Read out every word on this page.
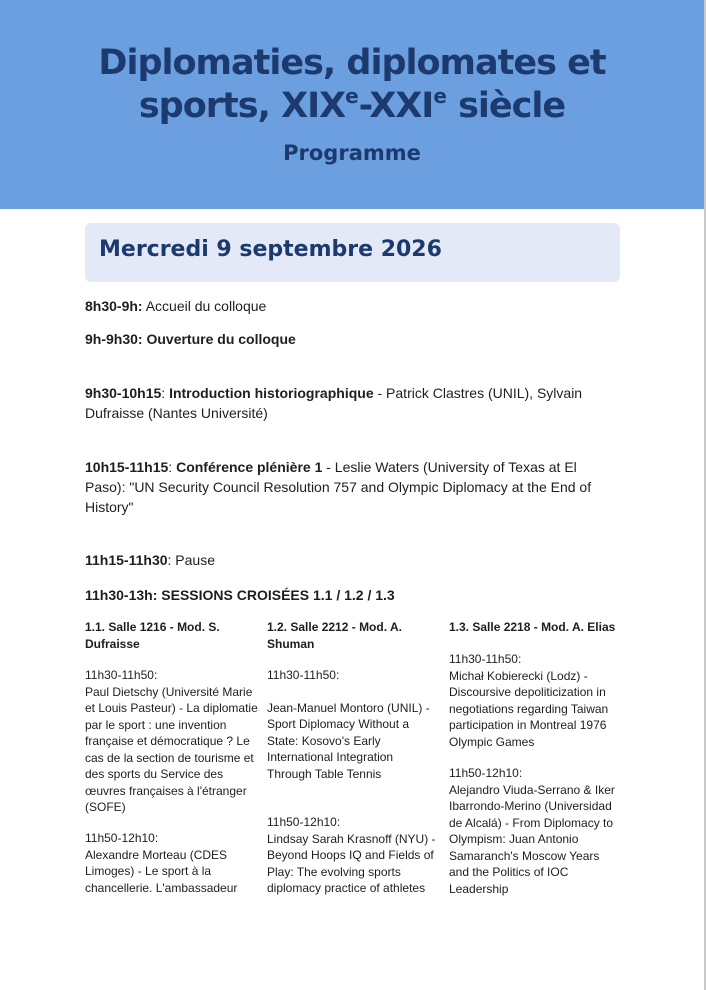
Diplomaties, diplomates et
sports, XIXe-XXIe siècle
Programme
Mercredi 9 septembre 2026
8h30-9h: Accueil du colloque
9h-9h30: Ouverture du colloque
9h30-10h15: Introduction historiographique - Patrick Clastres (UNIL), Sylvain Dufraisse (Nantes Université)
10h15-11h15: Conférence plénière 1 - Leslie Waters (University of Texas at El Paso): "UN Security Council Resolution 757 and Olympic Diplomacy at the End of History"
11h15-11h30: Pause
11h30-13h: SESSIONS CROISÉES 1.1 / 1.2 / 1.3
1.1. Salle 1216 - Mod. S. Dufraisse
11h30-11h50:
Paul Dietschy (Université Marie et Louis Pasteur) - La diplomatie par le sport : une invention française et démocratique ? Le cas de la section de tourisme et des sports du Service des œuvres françaises à l'étranger (SOFE)
11h50-12h10:
Alexandre Morteau (CDES Limoges) - Le sport à la chancellerie. L'ambassadeur
1.2. Salle 2212 - Mod. A. Shuman
11h30-11h50:
Jean-Manuel Montoro (UNIL) - Sport Diplomacy Without a State: Kosovo's Early International Integration Through Table Tennis
11h50-12h10:
Lindsay Sarah Krasnoff (NYU) - Beyond Hoops IQ and Fields of Play: The evolving sports diplomacy practice of athletes
1.3. Salle 2218 - Mod. A. Elias
11h30-11h50:
Michał Kobierecki (Lodz) - Discoursive depoliticization in negotiations regarding Taiwan participation in Montreal 1976 Olympic Games
11h50-12h10:
Alejandro Viuda-Serrano & Iker Ibarrondo-Merino (Universidad de Alcalá) - From Diplomacy to Olympism: Juan Antonio Samaranch's Moscow Years and the Politics of IOC Leadership
